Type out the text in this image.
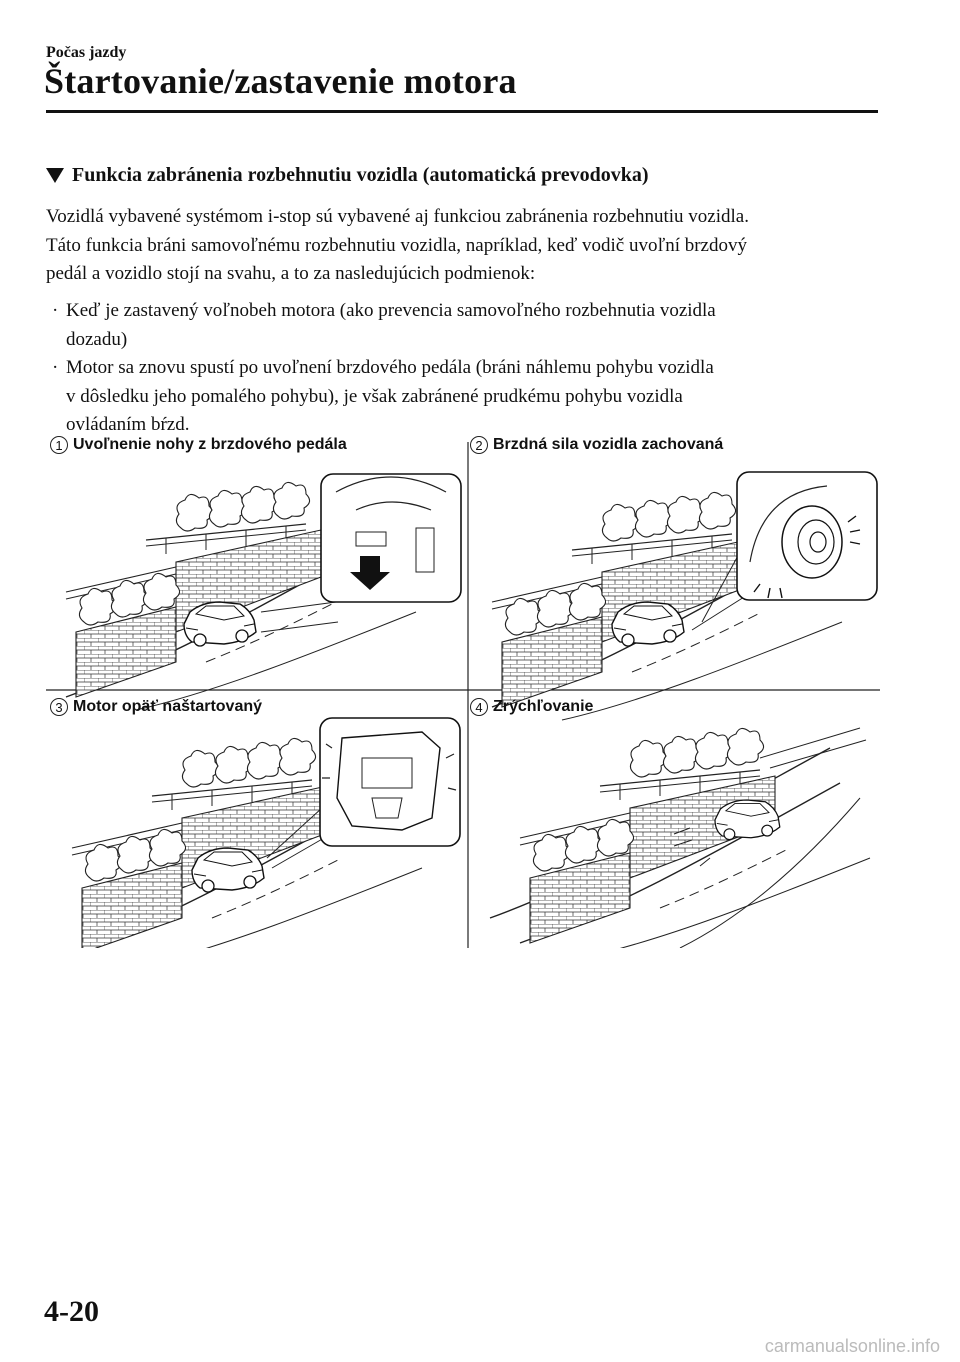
Počas jazdy
Štartovanie/zastavenie motora
Funkcia zabránenia rozbehnutiu vozidla (automatická prevodovka)

Vozidlá vybavené systémom i-stop sú vybavené aj funkciou zabránenia rozbehnutiu vozidla.

Táto funkcia bráni samovoľnému rozbehnutiu vozidla, napríklad, keď vodič uvoľní brzdový

pedál a vozidlo stojí na svahu, a to za nasledujúcich podmienok:

· Keď je zastavený voľnobeh motora (ako prevencia samovoľného rozbehnutia vozidla
dozadu)
· Motor sa znovu spustí po uvoľnení brzdového pedála (bráni náhlemu pohybu vozidla
v dôsledku jeho pomalého pohybu), je však zabránené prudkému pohybu vozidla
ovládaním bŕzd.
1 Uvoľnenie nohy z brzdového pedála	2 Brzdná sila vozidla zachovaná
3 Motor opäť naštartovaný	4 Zrýchľovanie
4-20
carmanualsonline.info
